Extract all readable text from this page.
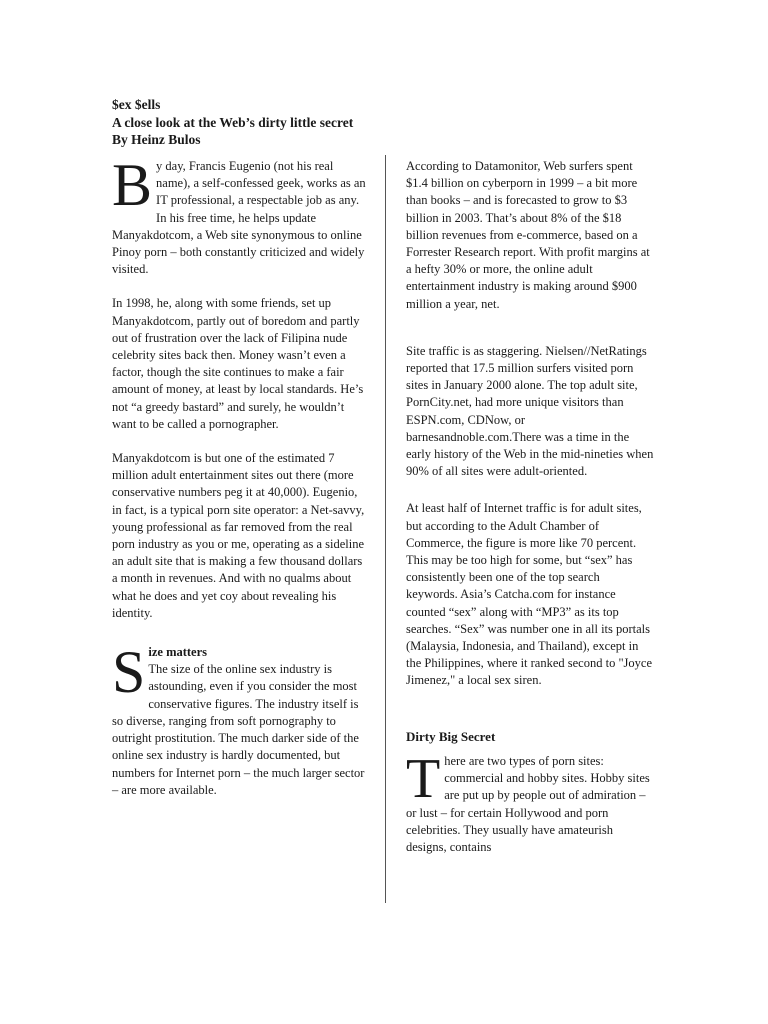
$ex $ells
A close look at the Web’s dirty little secret
By Heinz Bulos

By day, Francis Eugenio (not his real name), a self-confessed geek, works as an IT professional, a respectable job as any. In his free time, he helps update Manyakdotcom, a Web site synonymous to online Pinoy porn – both constantly criticized and widely visited.

In 1998, he, along with some friends, set up Manyakdotcom, partly out of boredom and partly out of frustration over the lack of Filipina nude celebrity sites back then. Money wasn’t even a factor, though the site continues to make a fair amount of money, at least by local standards. He’s not “a greedy bastard” and surely, he wouldn’t want to be called a pornographer.

Manyakdotcom is but one of the estimated 7 million adult entertainment sites out there (more conservative numbers peg it at 40,000). Eugenio, in fact, is a typical porn site operator: a Net-savvy, young professional as far removed from the real porn industry as you or me, operating as a sideline an adult site that is making a few thousand dollars a month in revenues. And with no qualms about what he does and yet coy about revealing his identity.

Size matters
The size of the online sex industry is astounding, even if you consider the most conservative figures. The industry itself is so diverse, ranging from soft pornography to outright prostitution. The much darker side of the online sex industry is hardly documented, but numbers for Internet porn – the much larger sector – are more available.

According to Datamonitor, Web surfers spent $1.4 billion on cyberporn in 1999 – a bit more than books – and is forecasted to grow to $3 billion in 2003. That’s about 8% of the $18 billion revenues from e-commerce, based on a Forrester Research report. With profit margins at a hefty 30% or more, the online adult entertainment industry is making around $900 million a year, net.

Site traffic is as staggering. Nielsen//NetRatings reported that 17.5 million surfers visited porn sites in January 2000 alone. The top adult site, PornCity.net, had more unique visitors than ESPN.com, CDNow, or barnesandnoble.com.There was a time in the early history of the Web in the mid-nineties when 90% of all sites were adult-oriented.

At least half of Internet traffic is for adult sites, but according to the Adult Chamber of Commerce, the figure is more like 70 percent. This may be too high for some, but “sex” has consistently been one of the top search keywords. Asia’s Catcha.com for instance counted “sex” along with “MP3” as its top searches. “Sex” was number one in all its portals (Malaysia, Indonesia, and Thailand), except in the Philippines, where it ranked second to "Joyce Jimenez," a local sex siren.

Dirty Big Secret

There are two types of porn sites: commercial and hobby sites. Hobby sites are put up by people out of admiration – or lust – for certain Hollywood and porn celebrities. They usually have amateurish designs, contains
